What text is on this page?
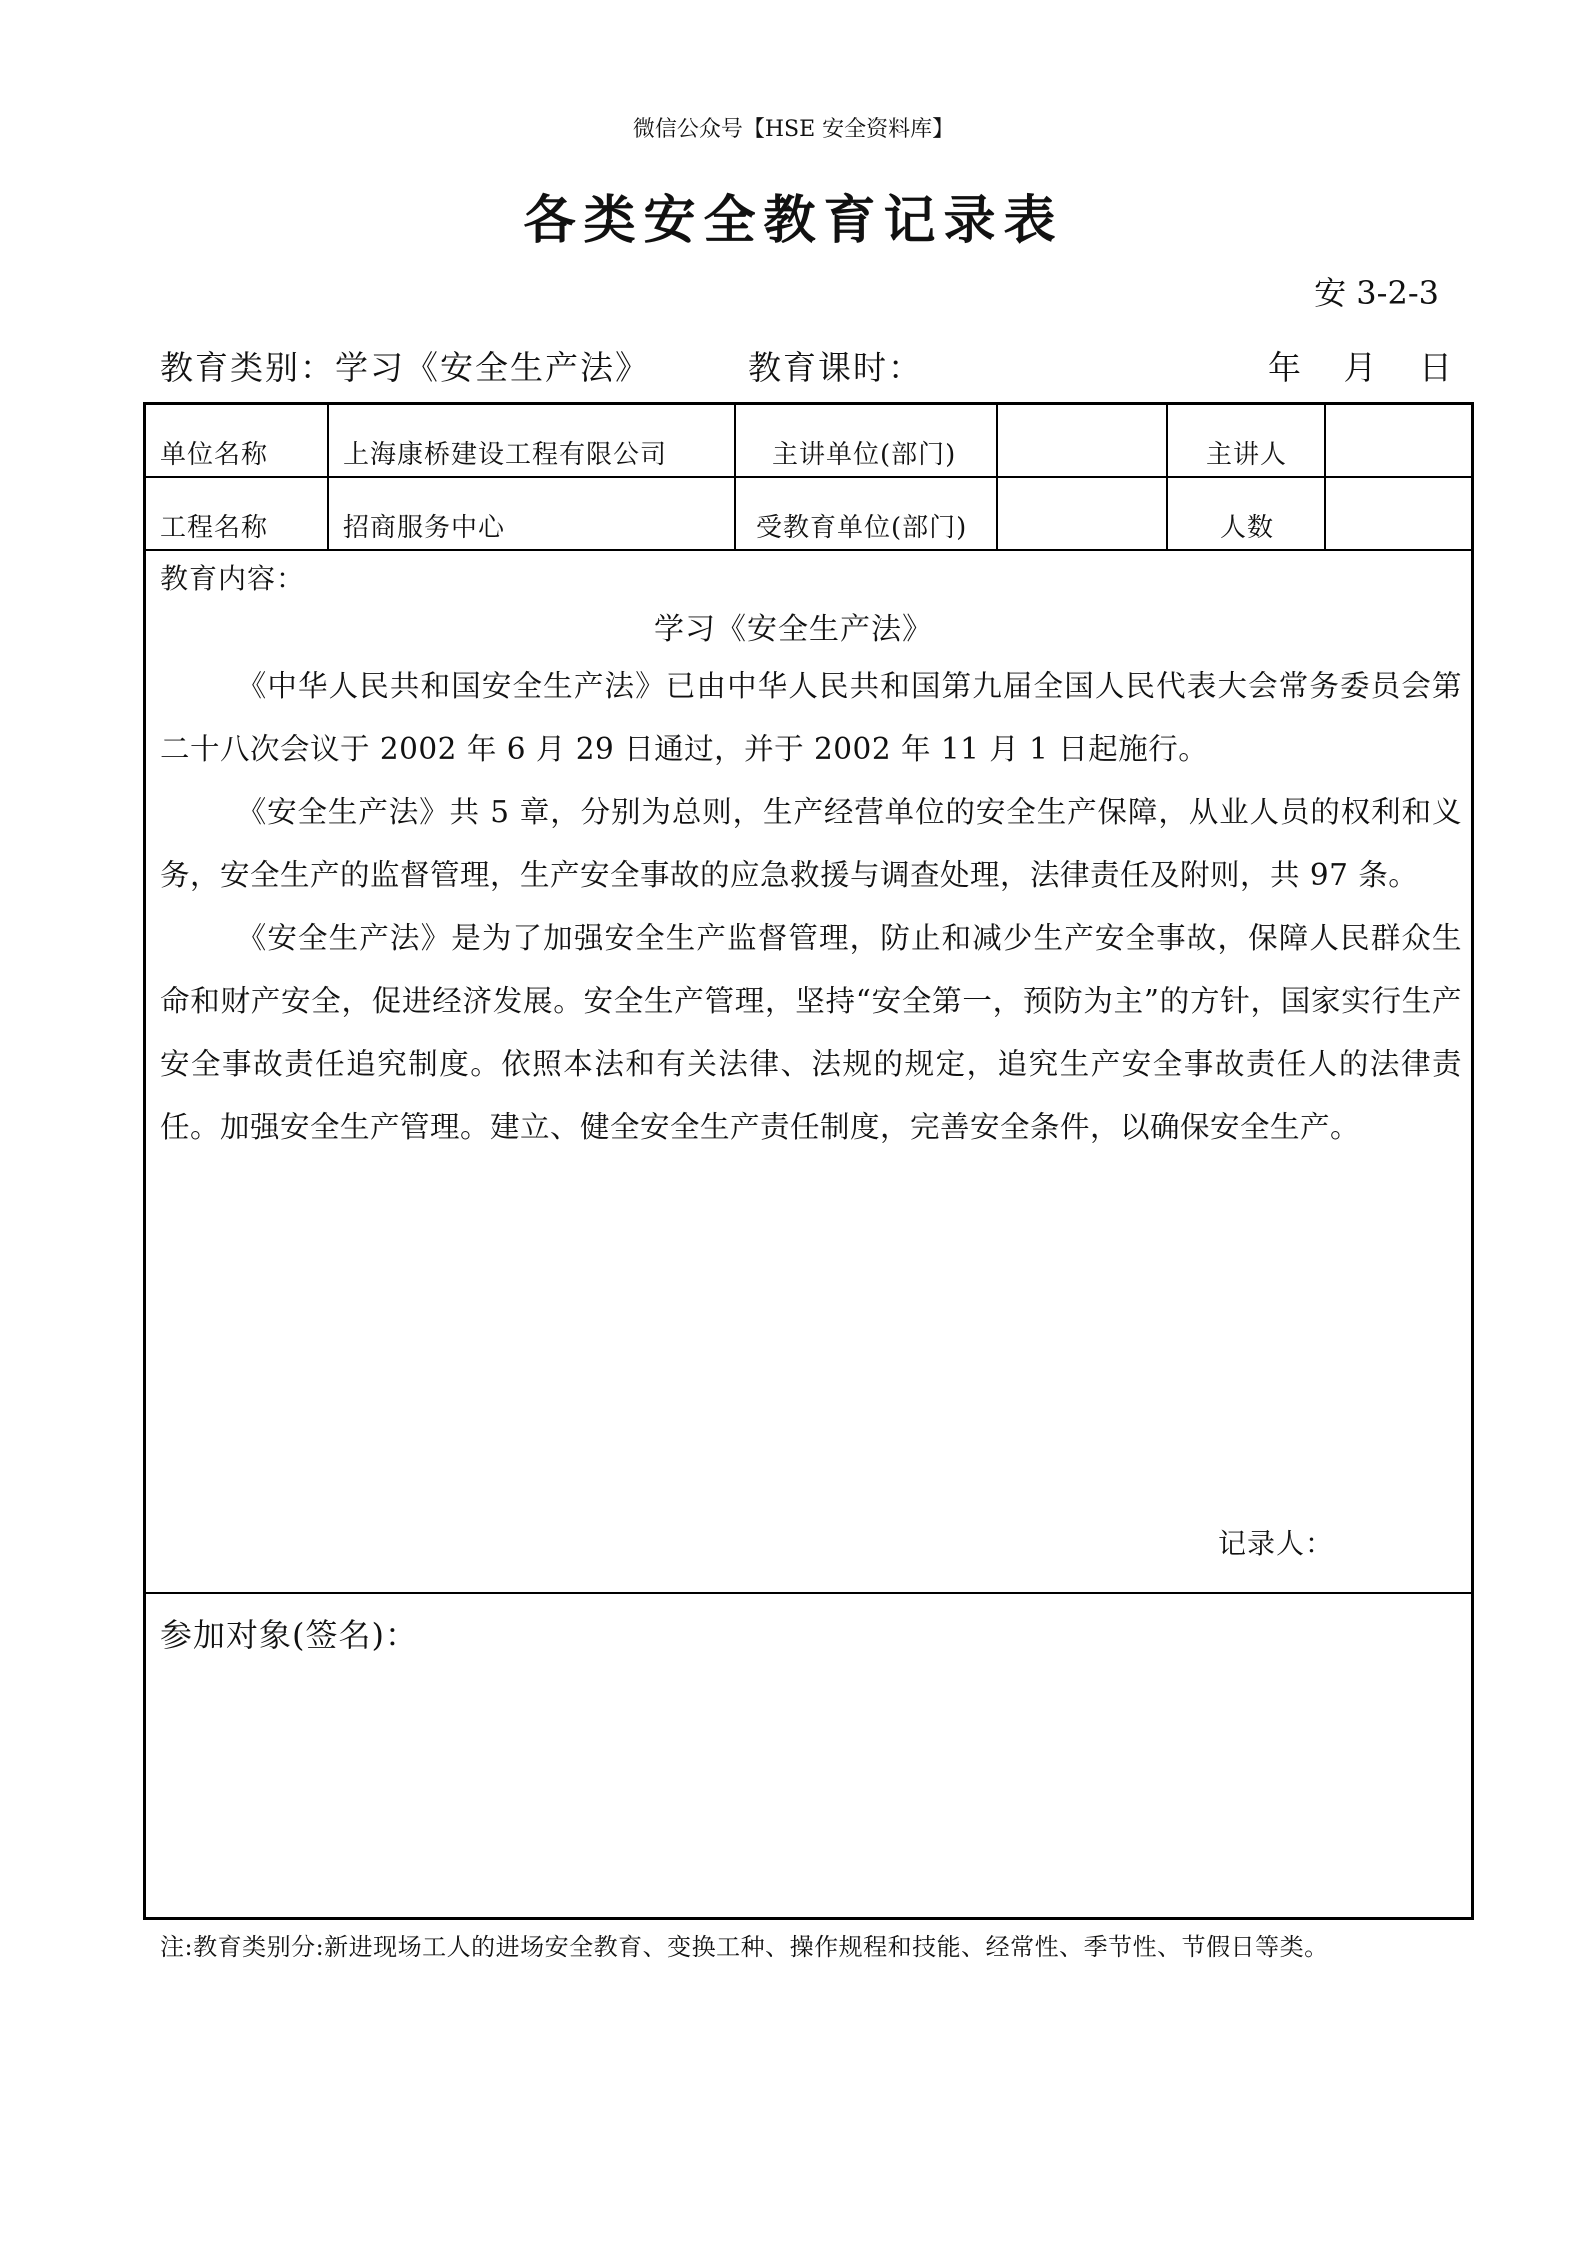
微信公众号【HSE 安全资料库】
各类安全教育记录表
安 3-2-3
教育类别：学习《安全生产法》	教育课时：	年 月 日
单位名称	上海康桥建设工程有限公司	主讲单位(部门)	主讲人
工程名称	招商服务中心	受教育单位(部门)	人数
教育内容：
学习《安全生产法》

《中华人民共和国安全生产法》已由中华人民共和国第九届全国人民代表大会常务委员会第二十八次会议于 2002 年 6 月 29 日通过，并于 2002 年 11 月 1 日起施行。

《安全生产法》共 5 章，分别为总则，生产经营单位的安全生产保障，从业人员的权利和义务，安全生产的监督管理，生产安全事故的应急救援与调查处理，法律责任及附则，共 97 条。

《安全生产法》是为了加强安全生产监督管理，防止和减少生产安全事故，保障人民群众生命和财产安全，促进经济发展。安全生产管理，坚持“安全第一，预防为主”的方针，国家实行生产安全事故责任追究制度。依照本法和有关法律、法规的规定，追究生产安全事故责任人的法律责任。加强安全生产管理。建立、健全安全生产责任制度，完善安全条件，以确保安全生产。

记录人：
参加对象(签名)：
注:教育类别分:新进现场工人的进场安全教育、变换工种、操作规程和技能、经常性、季节性、节假日等类。
